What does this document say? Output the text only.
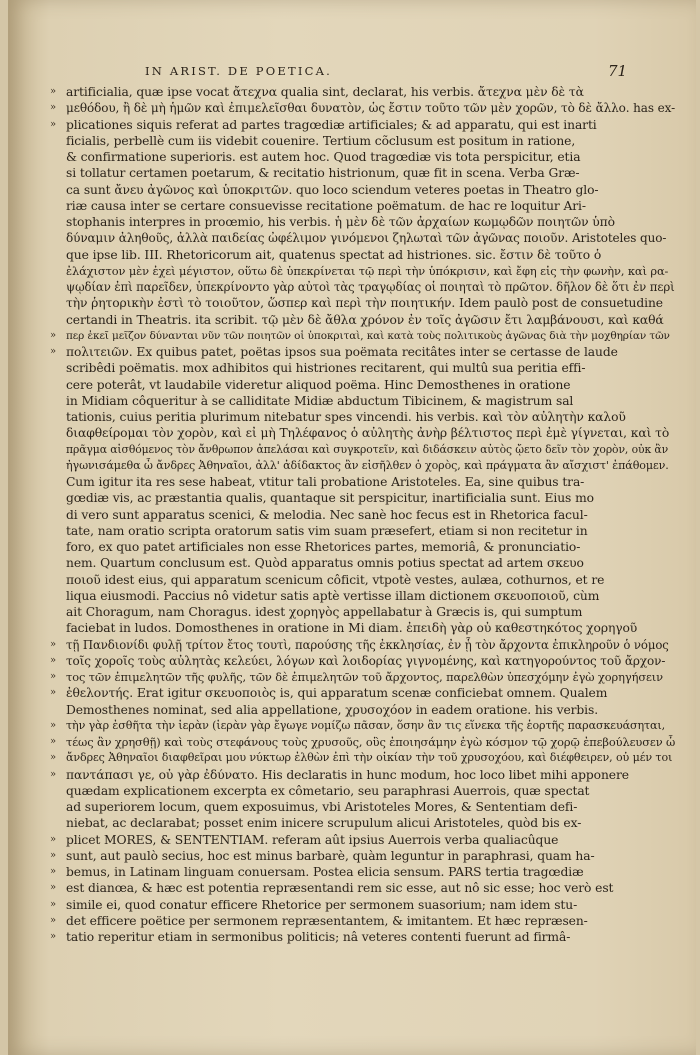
IN ARIST. DE POETICA.	71
» artificialia, quæ ipse vocat ἄτεχνα qualia sint, declarat, his verbis. ἄτεχνα μὲν δὲ τὰ
» μεθόδου, ἢ δὲ μὴ ἡμῶν καὶ ἐπιμελεῖσθαι δυνατὸν, ὡς ἔστιν τοῦτο τῶν μὲν χορῶν, τὸ δὲ ἄλλο. has ex-
» plicationes siquis referat ad partes tragœdiæ artificiales; & ad apparatu, qui est inarti
ficialis, perbellè cum iis videbit couenire. Tertium cõclusum est positum in ratione,
& confirmatione superioris. est autem hoc. Quod tragœdiæ vis tota perspicitur, etia
si tollatur certamen poetarum, & recitatio histrionum, quæ fit in scena. Verba Græ-
ca sunt ἄνευ ἀγῶνος καὶ ὑποκριτῶν. quo loco sciendum veteres poetas in Theatro glo-
riæ causa inter se certare consuevisse recitatione poëmatum. de hac re loquitur Ari-
stophanis interpres in proœmio, his verbis. ἡ μὲν δὲ τῶν ἀρχαίων κωμῳδῶν ποιητῶν ὑπὸ
δύναμιν ἀληθοῦς, ἀλλὰ παιδείας ὠφέλιμον γινόμενοι ζηλωταὶ τῶν ἀγῶνας ποιοῦν. Aristoteles quo-
que ipse lib. III. Rhetoricorum ait, quatenus spectat ad histriones. sic. ἔστιν δὲ τοῦτο ὁ
ἐλάχιστον μὲν ἐχεὶ μέγιστον, οὕτω δὲ ὑπεκρίνεται τῷ περὶ τὴν ὑπόκρισιν, καὶ ἔφη εἰς τὴν φωνὴν, καὶ ρα-
ψῳδίαν ἐπὶ παρεῖδεν, ὑπεκρίνοντο γὰρ αὐτοὶ τὰς τραγῳδίας οἱ ποιηταὶ τὸ πρῶτον. δῆλον δὲ ὅτι ἐν περὶ
τὴν ῥητορικὴν ἐστὶ τὸ τοιοῦτον, ὥσπερ καὶ περὶ τὴν ποιητικήν. Idem paulò post de consuetudine
certandi in Theatris. ita scribit. τῷ μὲν δὲ ἄθλα χρόνον ἐν τοῖς ἀγῶσιν ἔτι λαμβάνουσι, καὶ καθά
» περ ἐκεῖ μεῖζον δύνανται νῦν τῶν ποιητῶν οἱ ὑποκριταὶ, καὶ κατὰ τοὺς πολιτικοὺς ἀγῶνας διὰ τὴν μοχθηρίαν τῶν
» πολιτειῶν. Ex quibus patet, poëtas ipsos sua poëmata recitâtes inter se certasse de laude
scribêdi poëmatis. mox adhibitos qui histriones recitarent, qui multû sua peritia effi-
cere poterât, vt laudabile videretur aliquod poëma. Hinc Demosthenes in oratione
in Midiam côqueritur à se calliditate Midiæ abductum Tibicinem, & magistrum sal
tationis, cuius peritia plurimum nitebatur spes vincendi. his verbis. καὶ τὸν αὐλητὴν καλοῦ
διαφθείρομαι τὸν χορὸν, καὶ εἰ μὴ Τηλέφανος ὁ αὐλητὴς ἀνὴρ βέλτιστος περὶ ἐμὲ γίγνεται, καὶ τὸ
πρᾶγμα αἰσθόμενος τὸν ἄνθρωπον ἀπελάσαι καὶ συγκροτεῖν, καὶ διδάσκειν αὐτὸς ᾤετο δεῖν τὸν χορὸν, οὐκ ἂν
ἠγωνισάμεθα ὦ ἄνδρες Ἀθηναῖοι, ἀλλ' ἀδίδακτος ἂν εἰσῆλθεν ὁ χορὸς, καὶ πράγματα ἂν αἴσχιστ' ἐπάθομεν.
Cum igitur ita res sese habeat, vtitur tali probatione Aristoteles. Ea, sine quibus tra-
gœdiæ vis, ac præstantia qualis, quantaque sit perspicitur, inartificialia sunt. Eius mo
di vero sunt apparatus scenici, & melodia. Nec sanè hoc fecus est in Rhetorica facul-
tate, nam oratio scripta oratorum satis vim suam præsefert, etiam si non recitetur in
foro, ex quo patet artificiales non esse Rhetorices partes, memoriâ, & pronunciatio-
nem. Quartum conclusum est. Quòd apparatus omnis potius spectat ad artem σκευο
ποιοῦ idest eius, qui apparatum scenicum côficit, vtpotè vestes, aulæa, cothurnos, et re
liqua eiusmodi. Paccius nô videtur satis aptè vertisse illam dictionem σκευοποιοῦ, cùm
ait Choragum, nam Choragus. idest χορηγὸς appellabatur à Græcis is, qui sumptum
faciebat in ludos. Domosthenes in oratione in Mi diam. ἐπειδὴ γὰρ οὐ καθεστηκότος χορηγοῦ
» τῇ Πανδιονίδι φυλῇ τρίτον ἔτος τουτὶ, παρούσης τῆς ἐκκλησίας, ἐν ᾗ τὸν ἄρχοντα ἐπικληροῦν ὁ νόμος
» τοῖς χοροῖς τοὺς αὐλητὰς κελεύει, λόγων καὶ λοιδορίας γιγνομένης, καὶ κατηγορούντος τοῦ ἄρχον-
» τος τῶν ἐπιμελητῶν τῆς φυλῆς, τῶν δὲ ἐπιμελητῶν τοῦ ἄρχοντος, παρελθὼν ὑπεσχόμην ἐγὼ χορηγήσειν
» ἐθελοντής. Erat igitur σκευοποιὸς is, qui apparatum scenæ conficiebat omnem. Qualem
Demosthenes nominat, sed alia appellatione, χρυσοχόον in eadem oratione. his verbis.
» τὴν γὰρ ἐσθῆτα τὴν ἱερὰν (ἱερὰν γὰρ ἔγωγε νομίζω πᾶσαν, ὅσην ἂν τις εἵνεκα τῆς ἑορτῆς παρασκευάσηται,
» τέως ἂν χρησθῇ) καὶ τοὺς στεφάνους τοὺς χρυσοῦς, οὓς ἐποιησάμην ἐγὼ κόσμον τῷ χορῷ ἐπεβούλευσεν ὦ
» ἄνδρες Ἀθηναῖοι διαφθεῖραι μου νύκτωρ ἐλθὼν ἐπὶ τὴν οἰκίαν τὴν τοῦ χρυσοχόου, καὶ διέφθειρεν, οὐ μέν τοι
» παντάπασι γε, οὐ γὰρ ἐδύνατο. His declaratis in hunc modum, hoc loco libet mihi apponere
quædam explicationem excerpta ex cômetario, seu paraphrasi Auerrois, quæ spectat
ad superiorem locum, quem exposuimus, vbi Aristoteles Mores, & Sententiam defi-
niebat, ac declarabat; posset enim inicere scrupulum alicui Aristoteles, quòd bis ex-
» plicet MORES, & SENTENTIAM. referam aût ipsius Auerrois verba qualiacûque
» sunt, aut paulò secius, hoc est minus barbarè, quàm leguntur in paraphrasi, quam ha-
» bemus, in Latinam linguam conuersam. Postea elicia sensum. PARS tertia tragœdiæ
» est dianœa, & hæc est potentia repræsentandi rem sic esse, aut nô sic esse; hoc verò est
» simile ei, quod conatur efficere Rhetorice per sermonem suasorium; nam idem stu-
» det efficere poëtice per sermonem repræsentantem, & imitantem. Et hæc repræsen-
» tatio reperitur etiam in sermonibus politicis; nâ veteres contenti fuerunt ad firmâ-
